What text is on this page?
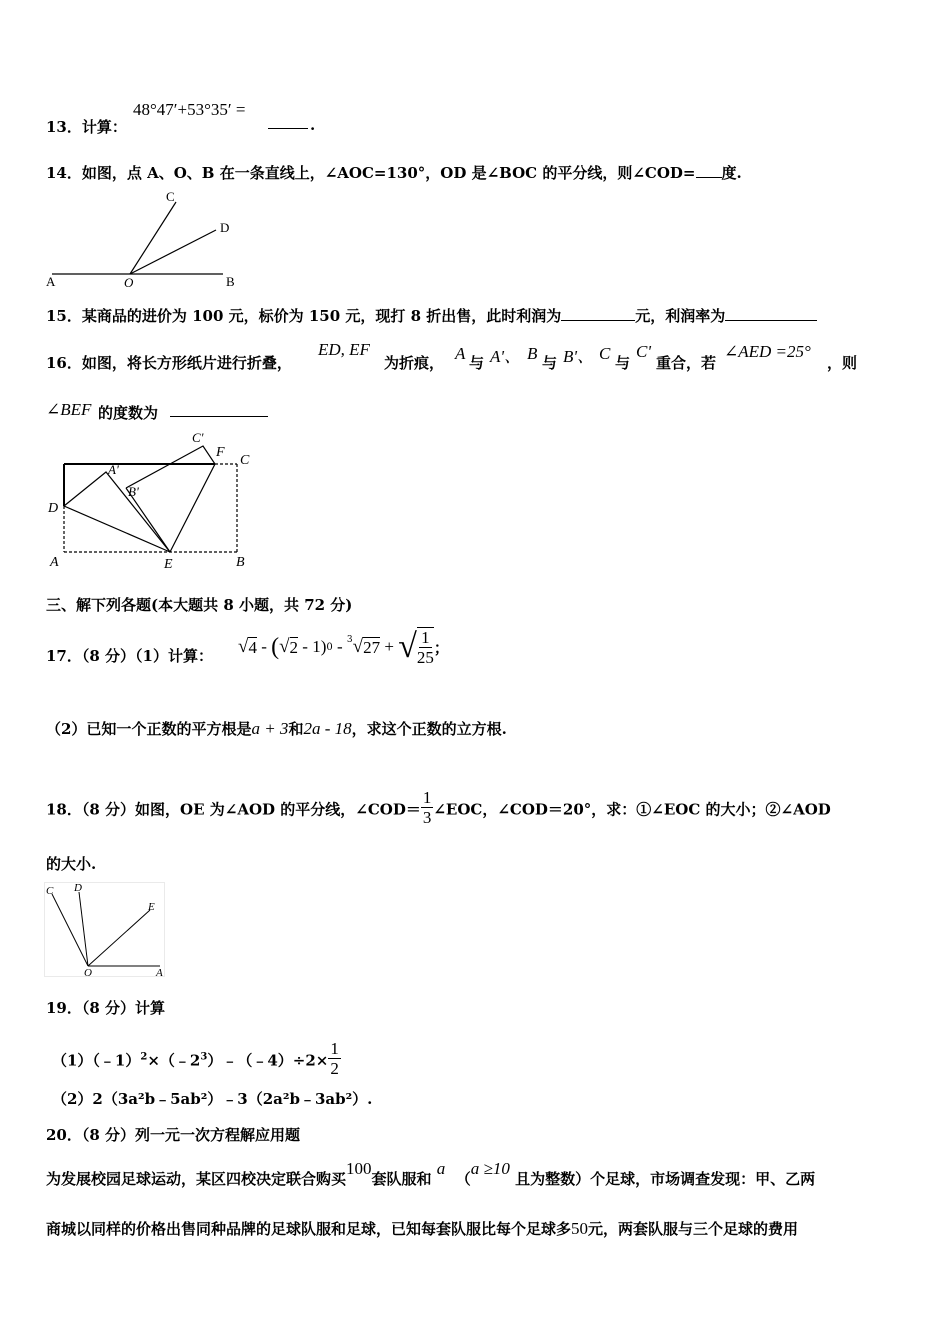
13．计算：
48°47′+53°35′ =
.
14．如图，点 A、O、B 在一条直线上，∠AOC=130°，OD 是∠BOC 的平分线，则∠COD= 度.
A	O	B
C
D
15．某商品的进价为 100 元，标价为 150 元，现打 8 折出售，此时利润为	元，利润率为
16．如图，将长方形纸片进行折叠，
ED, EF
为折痕， A 与 A'、 B 与 B'、 C 与
C'
重合，若
∠AED =25°
，则
∠BEF 的度数为
D
A	B
C
E
F
A'
B'
C'
三、解下列各题(本大题共 8 小题，共 72 分)
17．（8 分）（1）计算： √ 4 - ( √ 2 - 1) 0 - 3 √ 27 + √ $\frac{1}{25}$ ；
（2）已知一个正数的平方根是a + 3和2a - 18，求这个正数的立方根.
18．（8 分）如图，OE 为∠AOD 的平分线，∠COD＝ $\frac{1}{3}$ ∠EOC，∠COD＝20°，求：①∠EOC 的大小；②∠AOD
的大小.
C D
E
O	A
19．（8 分）计算
$(1)(﹣1)^2\times(﹣2^3)﹣(﹣4)\div 2\times \frac{1}{2}$
（2）2（3a²b﹣5ab²）﹣3（2a²b﹣3ab²）.
20．（8 分）列一元一次方程解应用题
为发展校园足球运动，某区四校决定联合购买100套队服和 a  （a ≥10 且为整数）个足球，市场调查发现：甲、乙两
商城以同样的价格出售同种品牌的足球队服和足球，已知每套队服比每个足球多50元，两套队服与三个足球的费用
